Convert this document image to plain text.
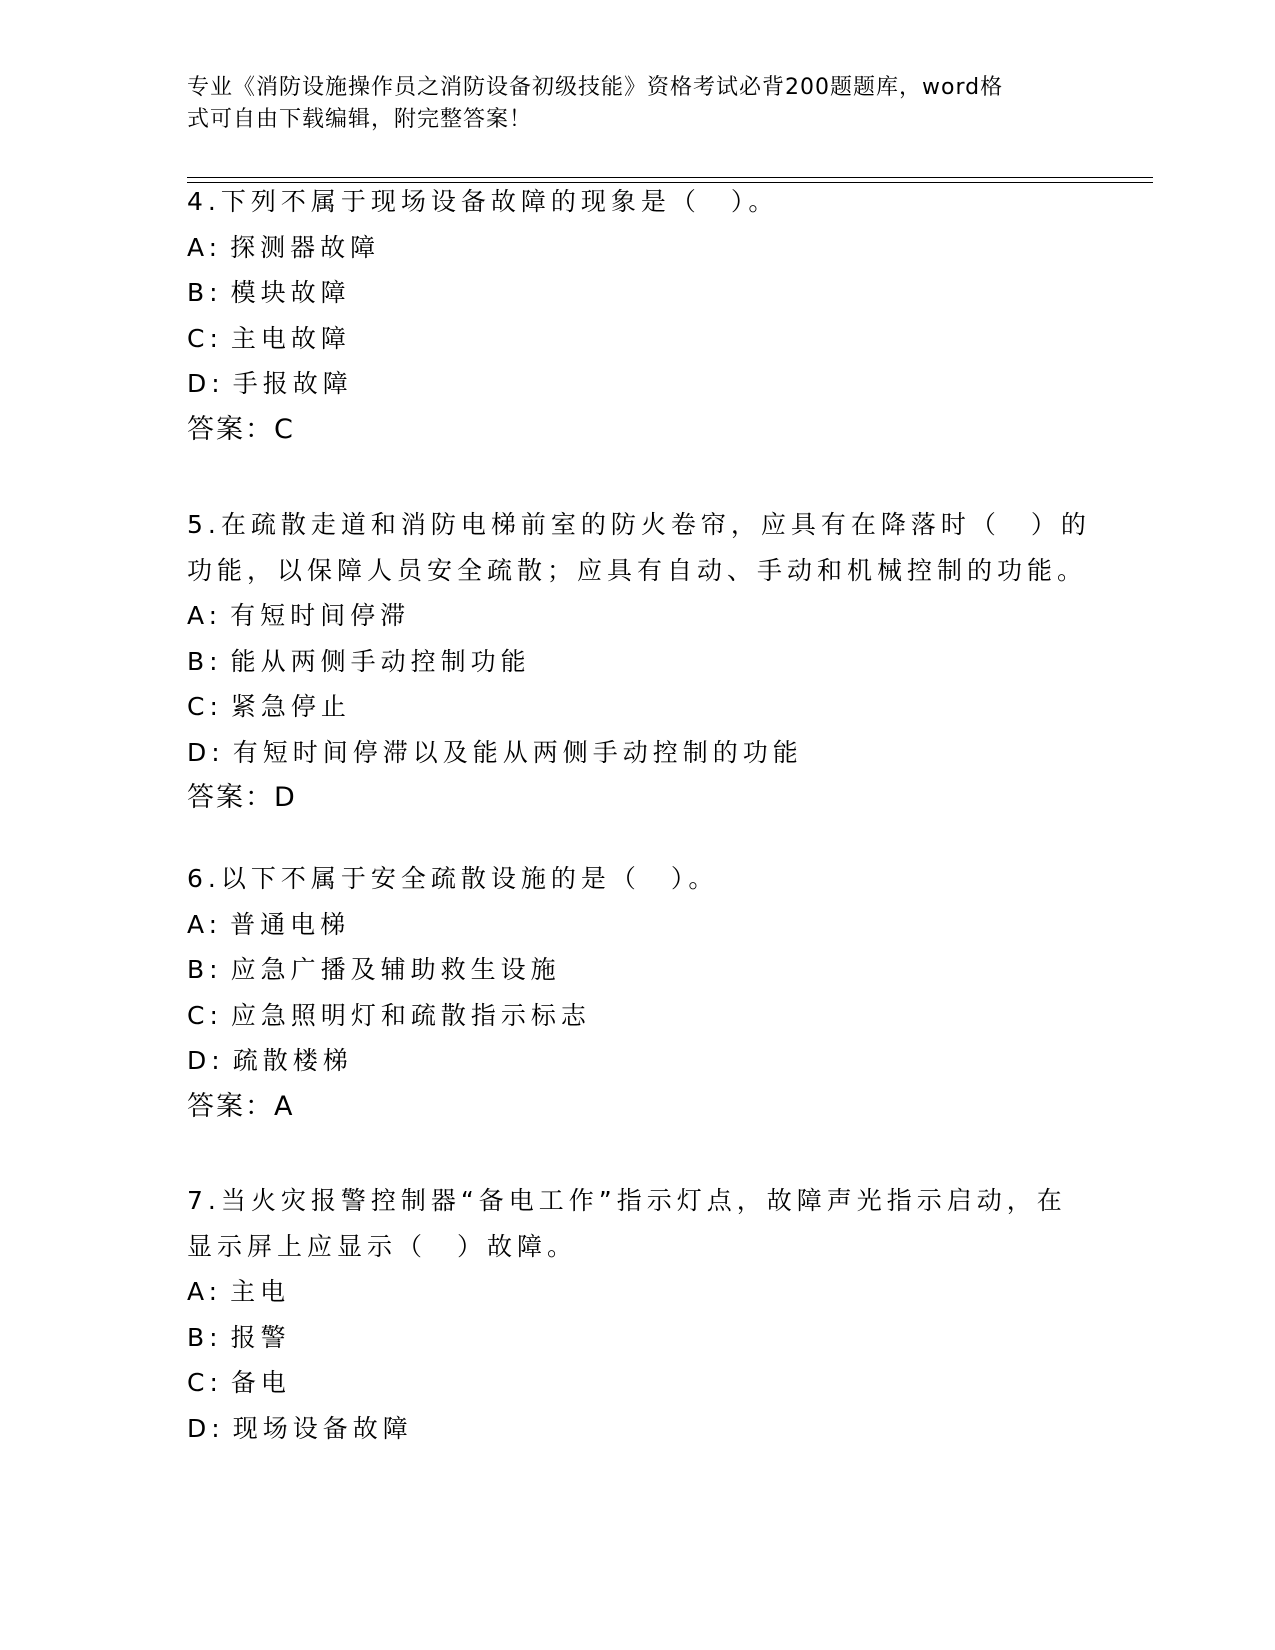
专业《消防设施操作员之消防设备初级技能》资格考试必背200题题库，word格
式可自由下载编辑，附完整答案！
4.下列不属于现场设备故障的现象是（　）。
A: 探测器故障
B: 模块故障
C: 主电故障
D: 手报故障
答案：C
5.在疏散走道和消防电梯前室的防火卷帘，应具有在降落时（　）的
功能，以保障人员安全疏散；应具有自动、手动和机械控制的功能。
A: 有短时间停滞
B: 能从两侧手动控制功能
C: 紧急停止
D: 有短时间停滞以及能从两侧手动控制的功能
答案：D
6.以下不属于安全疏散设施的是（　）。
A: 普通电梯
B: 应急广播及辅助救生设施
C: 应急照明灯和疏散指示标志
D: 疏散楼梯
答案：A
7.当火灾报警控制器“备电工作”指示灯点，故障声光指示启动，在
显示屏上应显示（　）故障。
A: 主电
B: 报警
C: 备电
D: 现场设备故障
